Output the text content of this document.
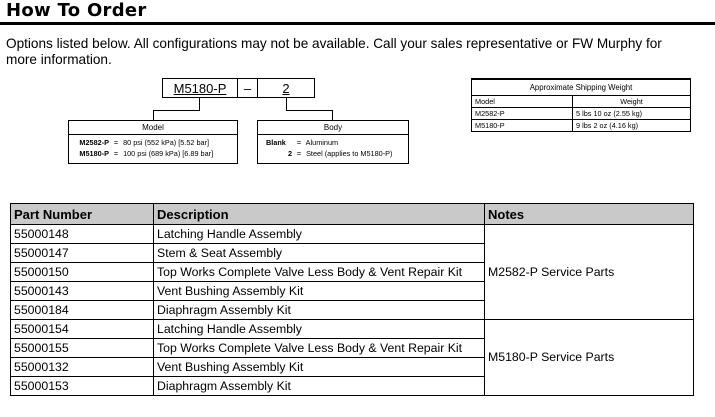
How To Order
Options listed below. All configurations may not be available. Call your sales representative or FW Murphy for more information.
M5180-P	–	2
Model
M2582-P = 80 psi (552 kPa) [5.52 bar]
M5180-P = 100 psi (689 kPa) [6.89 bar]
Body
Blank = Aluminum
2 = Steel (applies to M5180-P)
Approximate Shipping Weight	
Model	Weight
M2582-P	5 lbs 10 oz (2.55 kg)
M5180-P	9 lbs 2 oz (4.16 kg)
Part Number	Description	Notes
55000148	Latching Handle Assembly	M2582-P Service Parts
55000147	Stem & Seat Assembly	
55000150	Top Works Complete Valve Less Body & Vent Repair Kit	
55000143	Vent Bushing Assembly Kit	
55000184	Diaphragm Assembly Kit	
55000154	Latching Handle Assembly	M5180-P Service Parts
55000155	Top Works Complete Valve Less Body & Vent Repair Kit	
55000132	Vent Bushing Assembly Kit	
55000153	Diaphragm Assembly Kit	
